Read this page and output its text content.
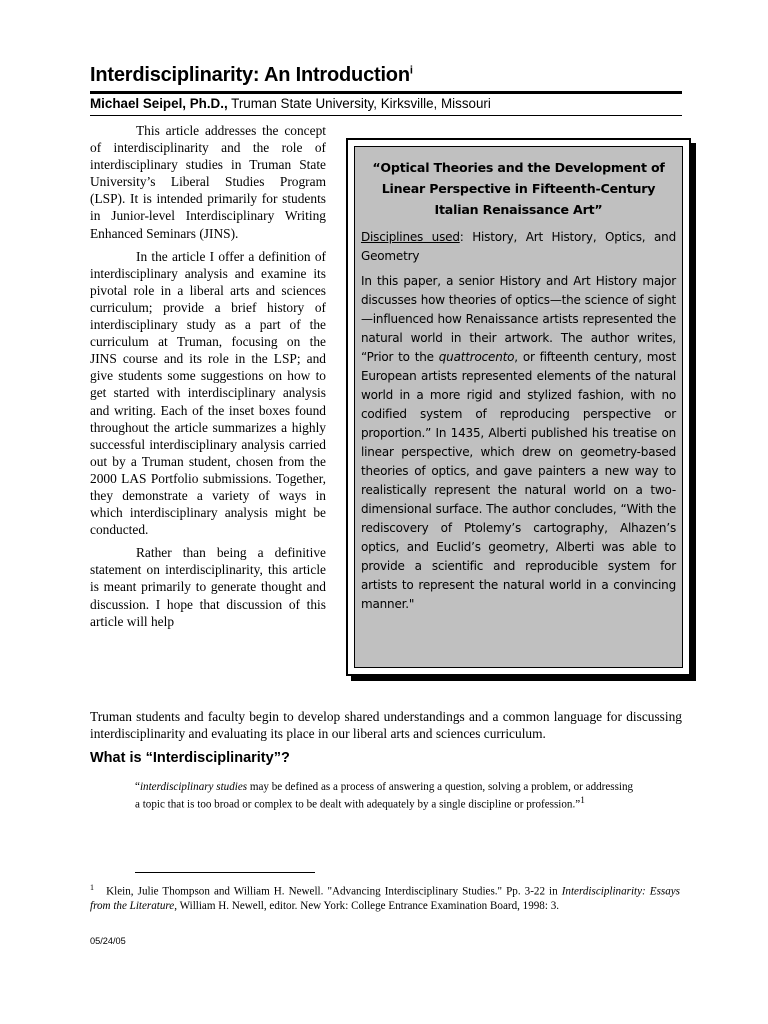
Interdisciplinarity: An Introduction$^i$
Michael Seipel, Ph.D., Truman State University, Kirksville, Missouri

This article addresses the concept of interdisciplinarity and the role of interdisciplinary studies in Truman State University’s Liberal Studies Program (LSP). It is intended primarily for students in Junior-level Interdisciplinary Writing Enhanced Seminars (JINS).

In the article I offer a definition of interdisciplinary analysis and examine its pivotal role in a liberal arts and sciences curriculum; provide a brief history of interdisciplinary study as a part of the curriculum at Truman, focusing on the JINS course and its role in the LSP; and give students some suggestions on how to get started with interdisciplinary analysis and writing. Each of the inset boxes found throughout the article summarizes a highly successful interdisciplinary analysis carried out by a Truman student, chosen from the 2000 LAS Portfolio submissions. Together, they demonstrate a variety of ways in which interdisciplinary analysis might be conducted.

Rather than being a definitive statement on interdisciplinarity, this article is meant primarily to generate thought and discussion. I hope that discussion of this article will help

“Optical Theories and the Development of Linear Perspective in Fifteenth-Century Italian Renaissance Art”

Disciplines used: History, Art History, Optics, and Geometry

In this paper, a senior History and Art History major discusses how theories of optics—the science of sight—influenced how Renaissance artists represented the natural world in their artwork. The author writes, “Prior to the quattrocento, or fifteenth century, most European artists represented elements of the natural world in a more rigid and stylized fashion, with no codified system of reproducing perspective or proportion.” In 1435, Alberti published his treatise on linear perspective, which drew on geometry-based theories of optics, and gave painters a new way to realistically represent the natural world on a two-dimensional surface. The author concludes, “With the rediscovery of Ptolemy’s cartography, Alhazen’s optics, and Euclid’s geometry, Alberti was able to provide a scientific and reproducible system for artists to represent the natural world in a convincing manner."

Truman students and faculty begin to develop shared understandings and a common language for discussing interdisciplinarity and evaluating its place in our liberal arts and sciences curriculum.

What is “Interdisciplinarity”?

“interdisciplinary studies may be defined as a process of answering a question, solving a problem, or addressing a topic that is too broad or complex to be dealt with adequately by a single discipline or profession.”$^1$

$^1$ Klein, Julie Thompson and William H. Newell. "Advancing Interdisciplinary Studies." Pp. 3-22 in Interdisciplinarity: Essays from the Literature, William H. Newell, editor. New York: College Entrance Examination Board, 1998: 3.
05/24/05
